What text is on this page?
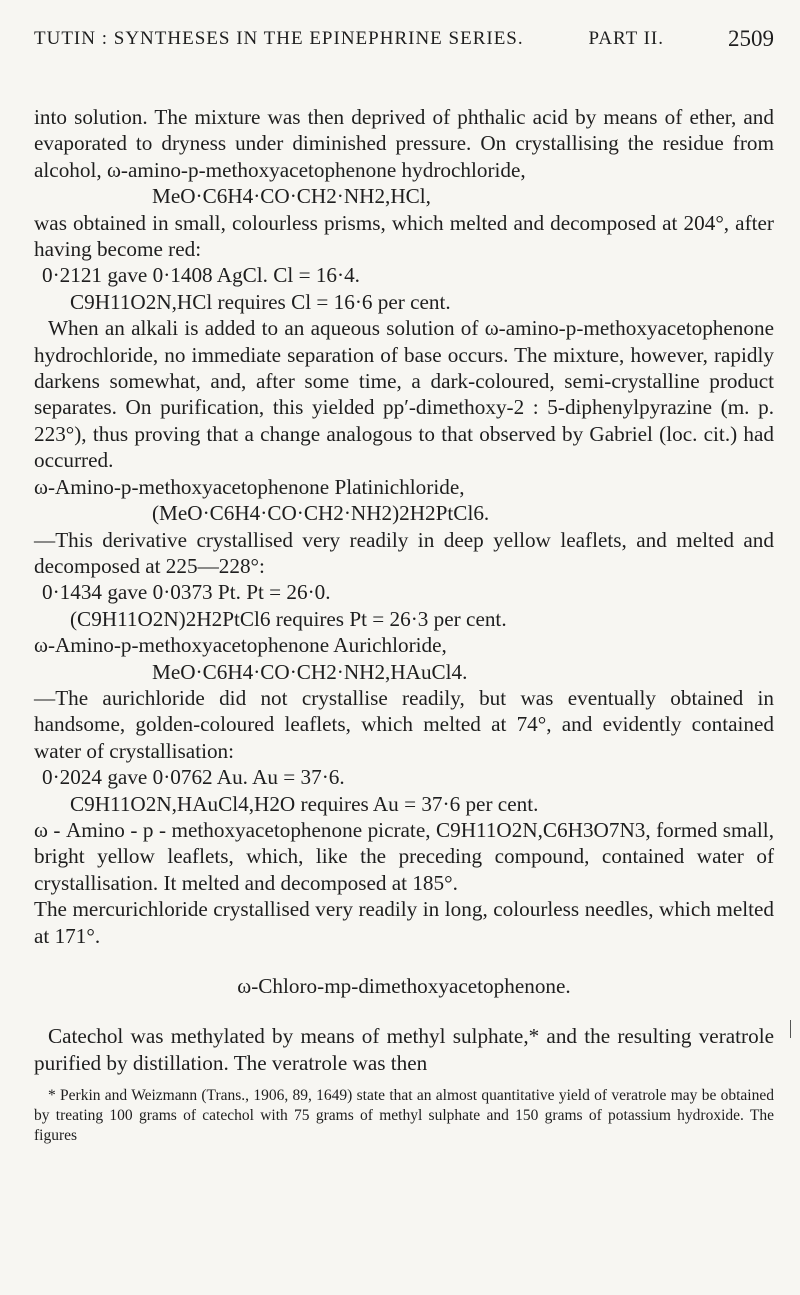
TUTIN : SYNTHESES IN THE EPINEPHRINE SERIES.	PART II.	2509

into solution. The mixture was then deprived of phthalic acid by means of ether, and evaporated to dryness under diminished pressure. On crystallising the residue from alcohol, ω-amino-p-methoxyacetophenone hydrochloride,

MeO·C6H4·CO·CH2·NH2,HCl,

was obtained in small, colourless prisms, which melted and decomposed at 204°, after having become red:

0·2121 gave 0·1408 AgCl. Cl = 16·4.

C9H11O2N,HCl requires Cl = 16·6 per cent.

When an alkali is added to an aqueous solution of ω-amino-p-methoxyacetophenone hydrochloride, no immediate separation of base occurs. The mixture, however, rapidly darkens somewhat, and, after some time, a dark-coloured, semi-crystalline product separates. On purification, this yielded pp′-dimethoxy-2 : 5-diphenylpyrazine (m. p. 223°), thus proving that a change analogous to that observed by Gabriel (loc. cit.) had occurred.

ω-Amino-p-methoxyacetophenone Platinichloride,

(MeO·C6H4·CO·CH2·NH2)2H2PtCl6.

—This derivative crystallised very readily in deep yellow leaflets, and melted and decomposed at 225—228°:

0·1434 gave 0·0373 Pt. Pt = 26·0.

(C9H11O2N)2H2PtCl6 requires Pt = 26·3 per cent.

ω-Amino-p-methoxyacetophenone Aurichloride,

MeO·C6H4·CO·CH2·NH2,HAuCl4.

—The aurichloride did not crystallise readily, but was eventually obtained in handsome, golden-coloured leaflets, which melted at 74°, and evidently contained water of crystallisation:

0·2024 gave 0·0762 Au. Au = 37·6.

C9H11O2N,HAuCl4,H2O requires Au = 37·6 per cent.

ω - Amino - p - methoxyacetophenone picrate, C9H11O2N,C6H3O7N3, formed small, bright yellow leaflets, which, like the preceding compound, contained water of crystallisation. It melted and decomposed at 185°.

The mercurichloride crystallised very readily in long, colourless needles, which melted at 171°.

ω-Chloro-mp-dimethoxyacetophenone.

Catechol was methylated by means of methyl sulphate,* and the resulting veratrole purified by distillation. The veratrole was then

* Perkin and Weizmann (Trans., 1906, 89, 1649) state that an almost quantitative yield of veratrole may be obtained by treating 100 grams of catechol with 75 grams of methyl sulphate and 150 grams of potassium hydroxide. The figures
